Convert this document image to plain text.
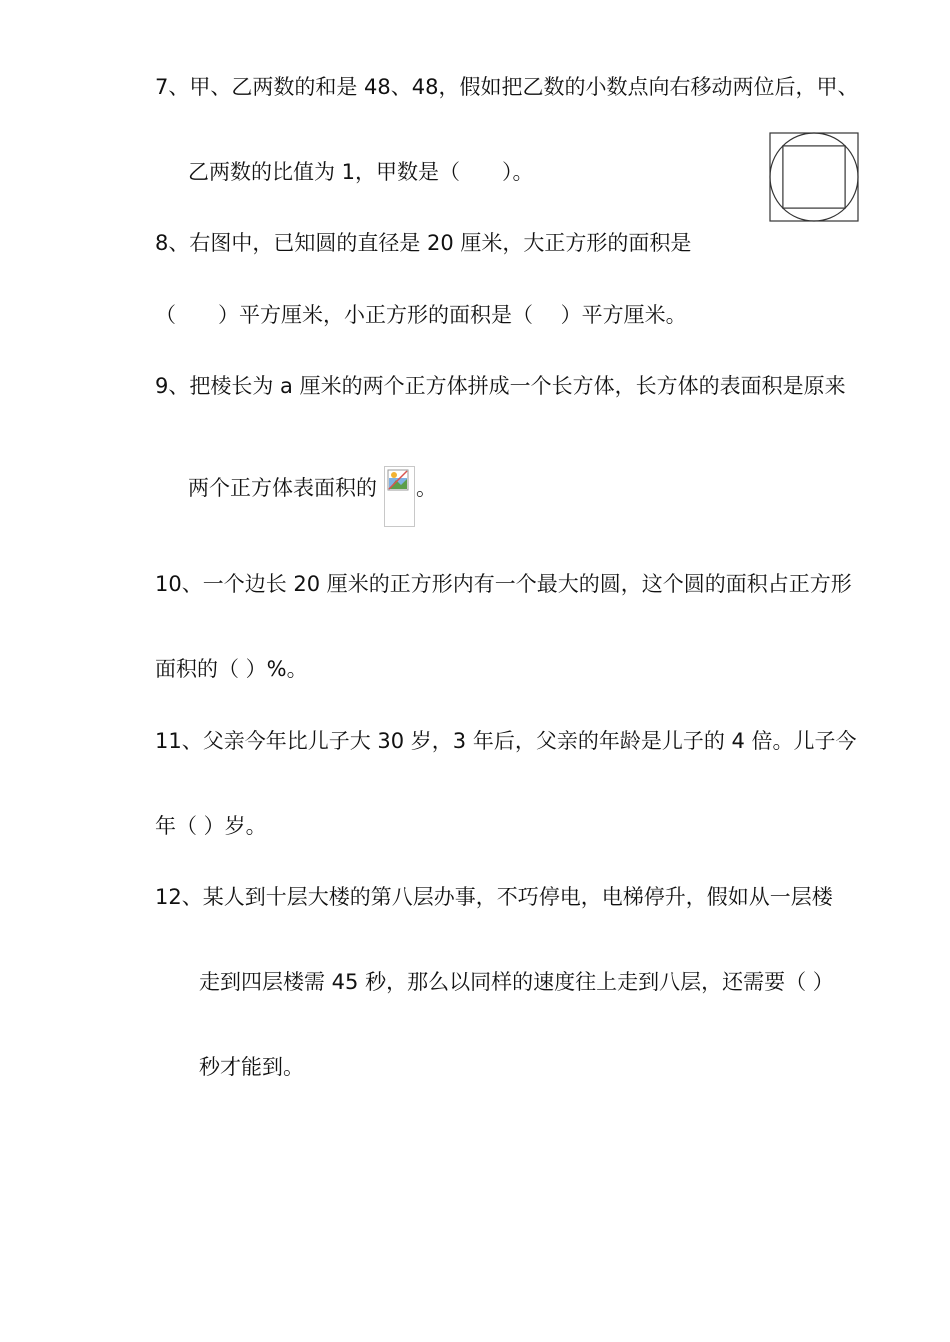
7、甲、乙两数的和是 48、48，假如把乙数的小数点向右移动两位后，甲、
乙两数的比值为 1，甲数是（　　）。
8、右图中，已知圆的直径是 20 厘米，大正方形的面积是
（　　）平方厘米，小正方形的面积是（　 ）平方厘米。
9、把棱长为 a 厘米的两个正方体拼成一个长方体，长方体的表面积是原来
两个正方体表面积的 。
10、一个边长 20 厘米的正方形内有一个最大的圆，这个圆的面积占正方形
面积的（ ）%。
11、父亲今年比儿子大 30 岁，3 年后，父亲的年龄是儿子的 4 倍。儿子今
年（ ）岁。
12、某人到十层大楼的第八层办事，不巧停电，电梯停升，假如从一层楼
走到四层楼需 45 秒，那么以同样的速度往上走到八层，还需要（ ）
秒才能到。
